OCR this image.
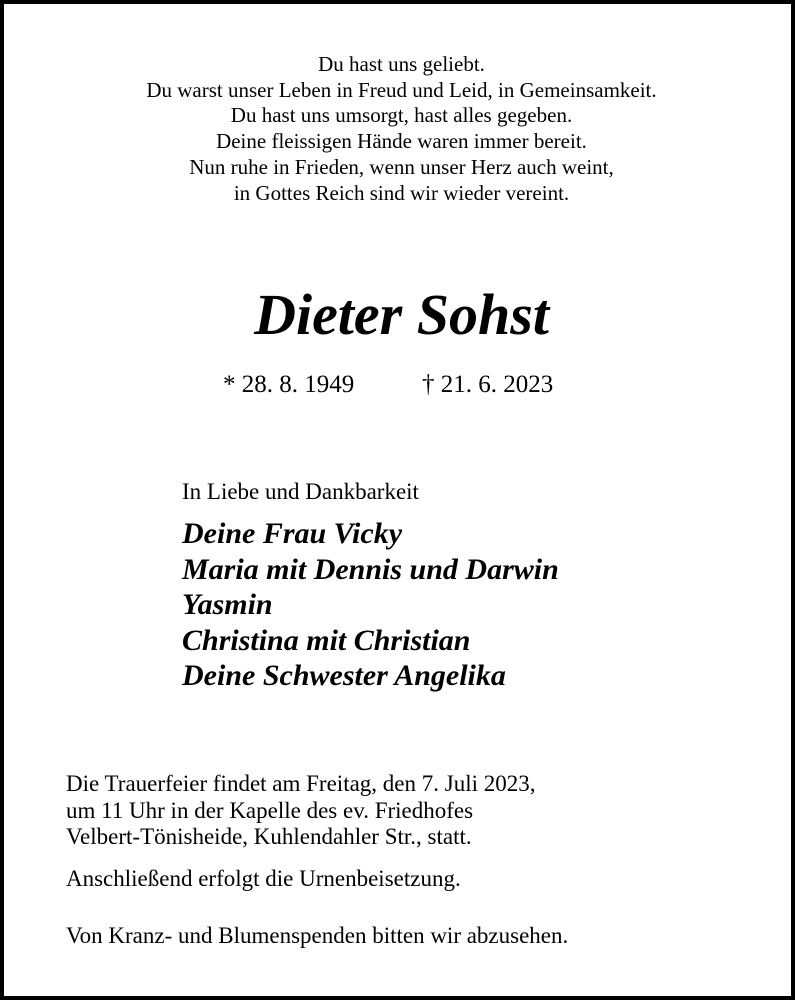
Du hast uns geliebt.
Du warst unser Leben in Freud und Leid, in Gemeinsamkeit.
Du hast uns umsorgt, hast alles gegeben.
Deine fleissigen Hände waren immer bereit.
Nun ruhe in Frieden, wenn unser Herz auch weint,
in Gottes Reich sind wir wieder vereint.
Dieter Sohst
* 28. 8. 1949	† 21. 6. 2023
In Liebe und Dankbarkeit
Deine Frau Vicky
Maria mit Dennis und Darwin
Yasmin
Christina mit Christian
Deine Schwester Angelika
Die Trauerfeier findet am Freitag, den 7. Juli 2023,
um 11 Uhr in der Kapelle des ev. Friedhofes
Velbert-Tönisheide, Kuhlendahler Str., statt.
Anschließend erfolgt die Urnenbeisetzung.
Von Kranz- und Blumenspenden bitten wir abzusehen.
